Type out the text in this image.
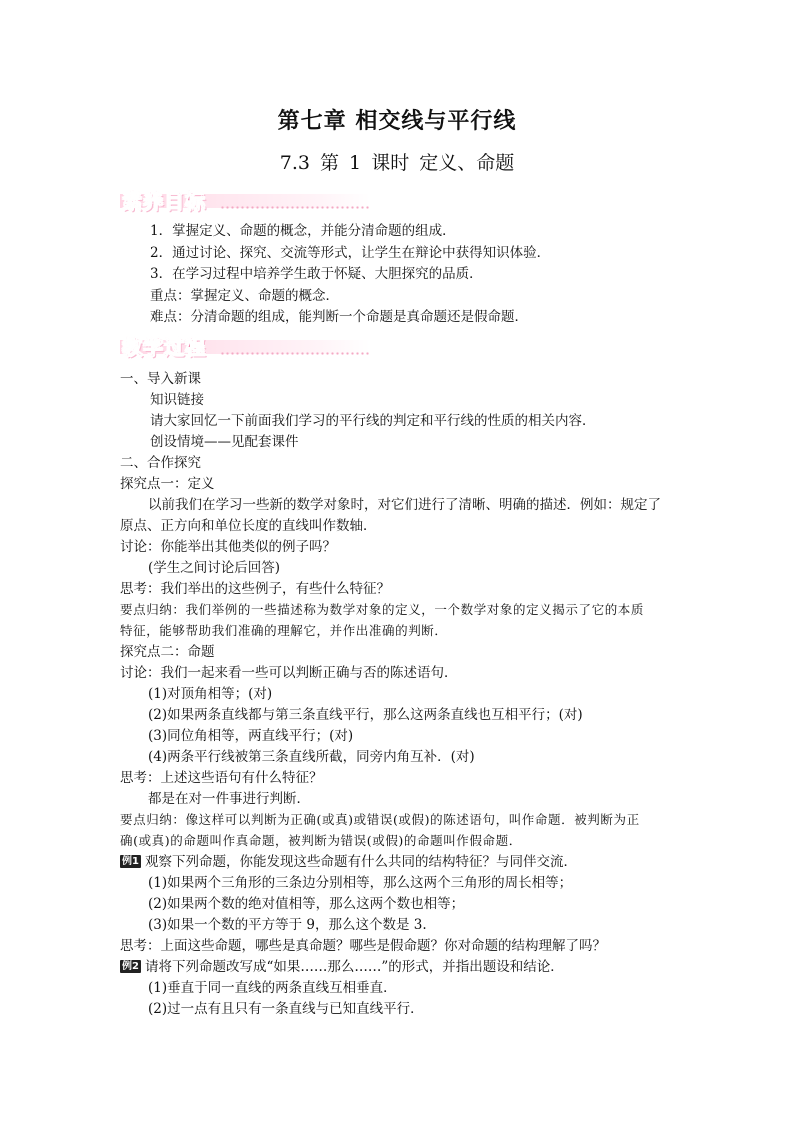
第七章 相交线与平行线
7.3 第 1 课时 定义、命题
素养目标
1．掌握定义、命题的概念，并能分清命题的组成．
2．通过讨论、探究、交流等形式，让学生在辩论中获得知识体验．
3．在学习过程中培养学生敢于怀疑、大胆探究的品质．
重点：掌握定义、命题的概念．
难点：分清命题的组成，能判断一个命题是真命题还是假命题．
教学过程
一、导入新课
知识链接
请大家回忆一下前面我们学习的平行线的判定和平行线的性质的相关内容．
创设情境——见配套课件
二、合作探究
探究点一：定义
以前我们在学习一些新的数学对象时，对它们进行了清晰、明确的描述．例如：规定了
原点、正方向和单位长度的直线叫作数轴．
讨论：你能举出其他类似的例子吗？
(学生之间讨论后回答)
思考：我们举出的这些例子，有些什么特征？
要点归纳：我们举例的一些描述称为数学对象的定义，一个数学对象的定义揭示了它的本质
特征，能够帮助我们准确的理解它，并作出准确的判断．
探究点二：命题
讨论：我们一起来看一些可以判断正确与否的陈述语句．
(1)对顶角相等；(对)
(2)如果两条直线都与第三条直线平行，那么这两条直线也互相平行；(对)
(3)同位角相等，两直线平行；(对)
(4)两条平行线被第三条直线所截，同旁内角互补．(对)
思考：上述这些语句有什么特征？
都是在对一件事进行判断．
要点归纳：像这样可以判断为正确(或真)或错误(或假)的陈述语句，叫作命题．被判断为正
确(或真)的命题叫作真命题，被判断为错误(或假)的命题叫作假命题．
例1 观察下列命题，你能发现这些命题有什么共同的结构特征？与同伴交流．
(1)如果两个三角形的三条边分别相等，那么这两个三角形的周长相等；
(2)如果两个数的绝对值相等，那么这两个数也相等；
(3)如果一个数的平方等于 9，那么这个数是 3.
思考：上面这些命题，哪些是真命题？哪些是假命题？你对命题的结构理解了吗？
例2 请将下列命题改写成“如果……那么……”的形式，并指出题设和结论．
(1)垂直于同一直线的两条直线互相垂直．
(2)过一点有且只有一条直线与已知直线平行．
